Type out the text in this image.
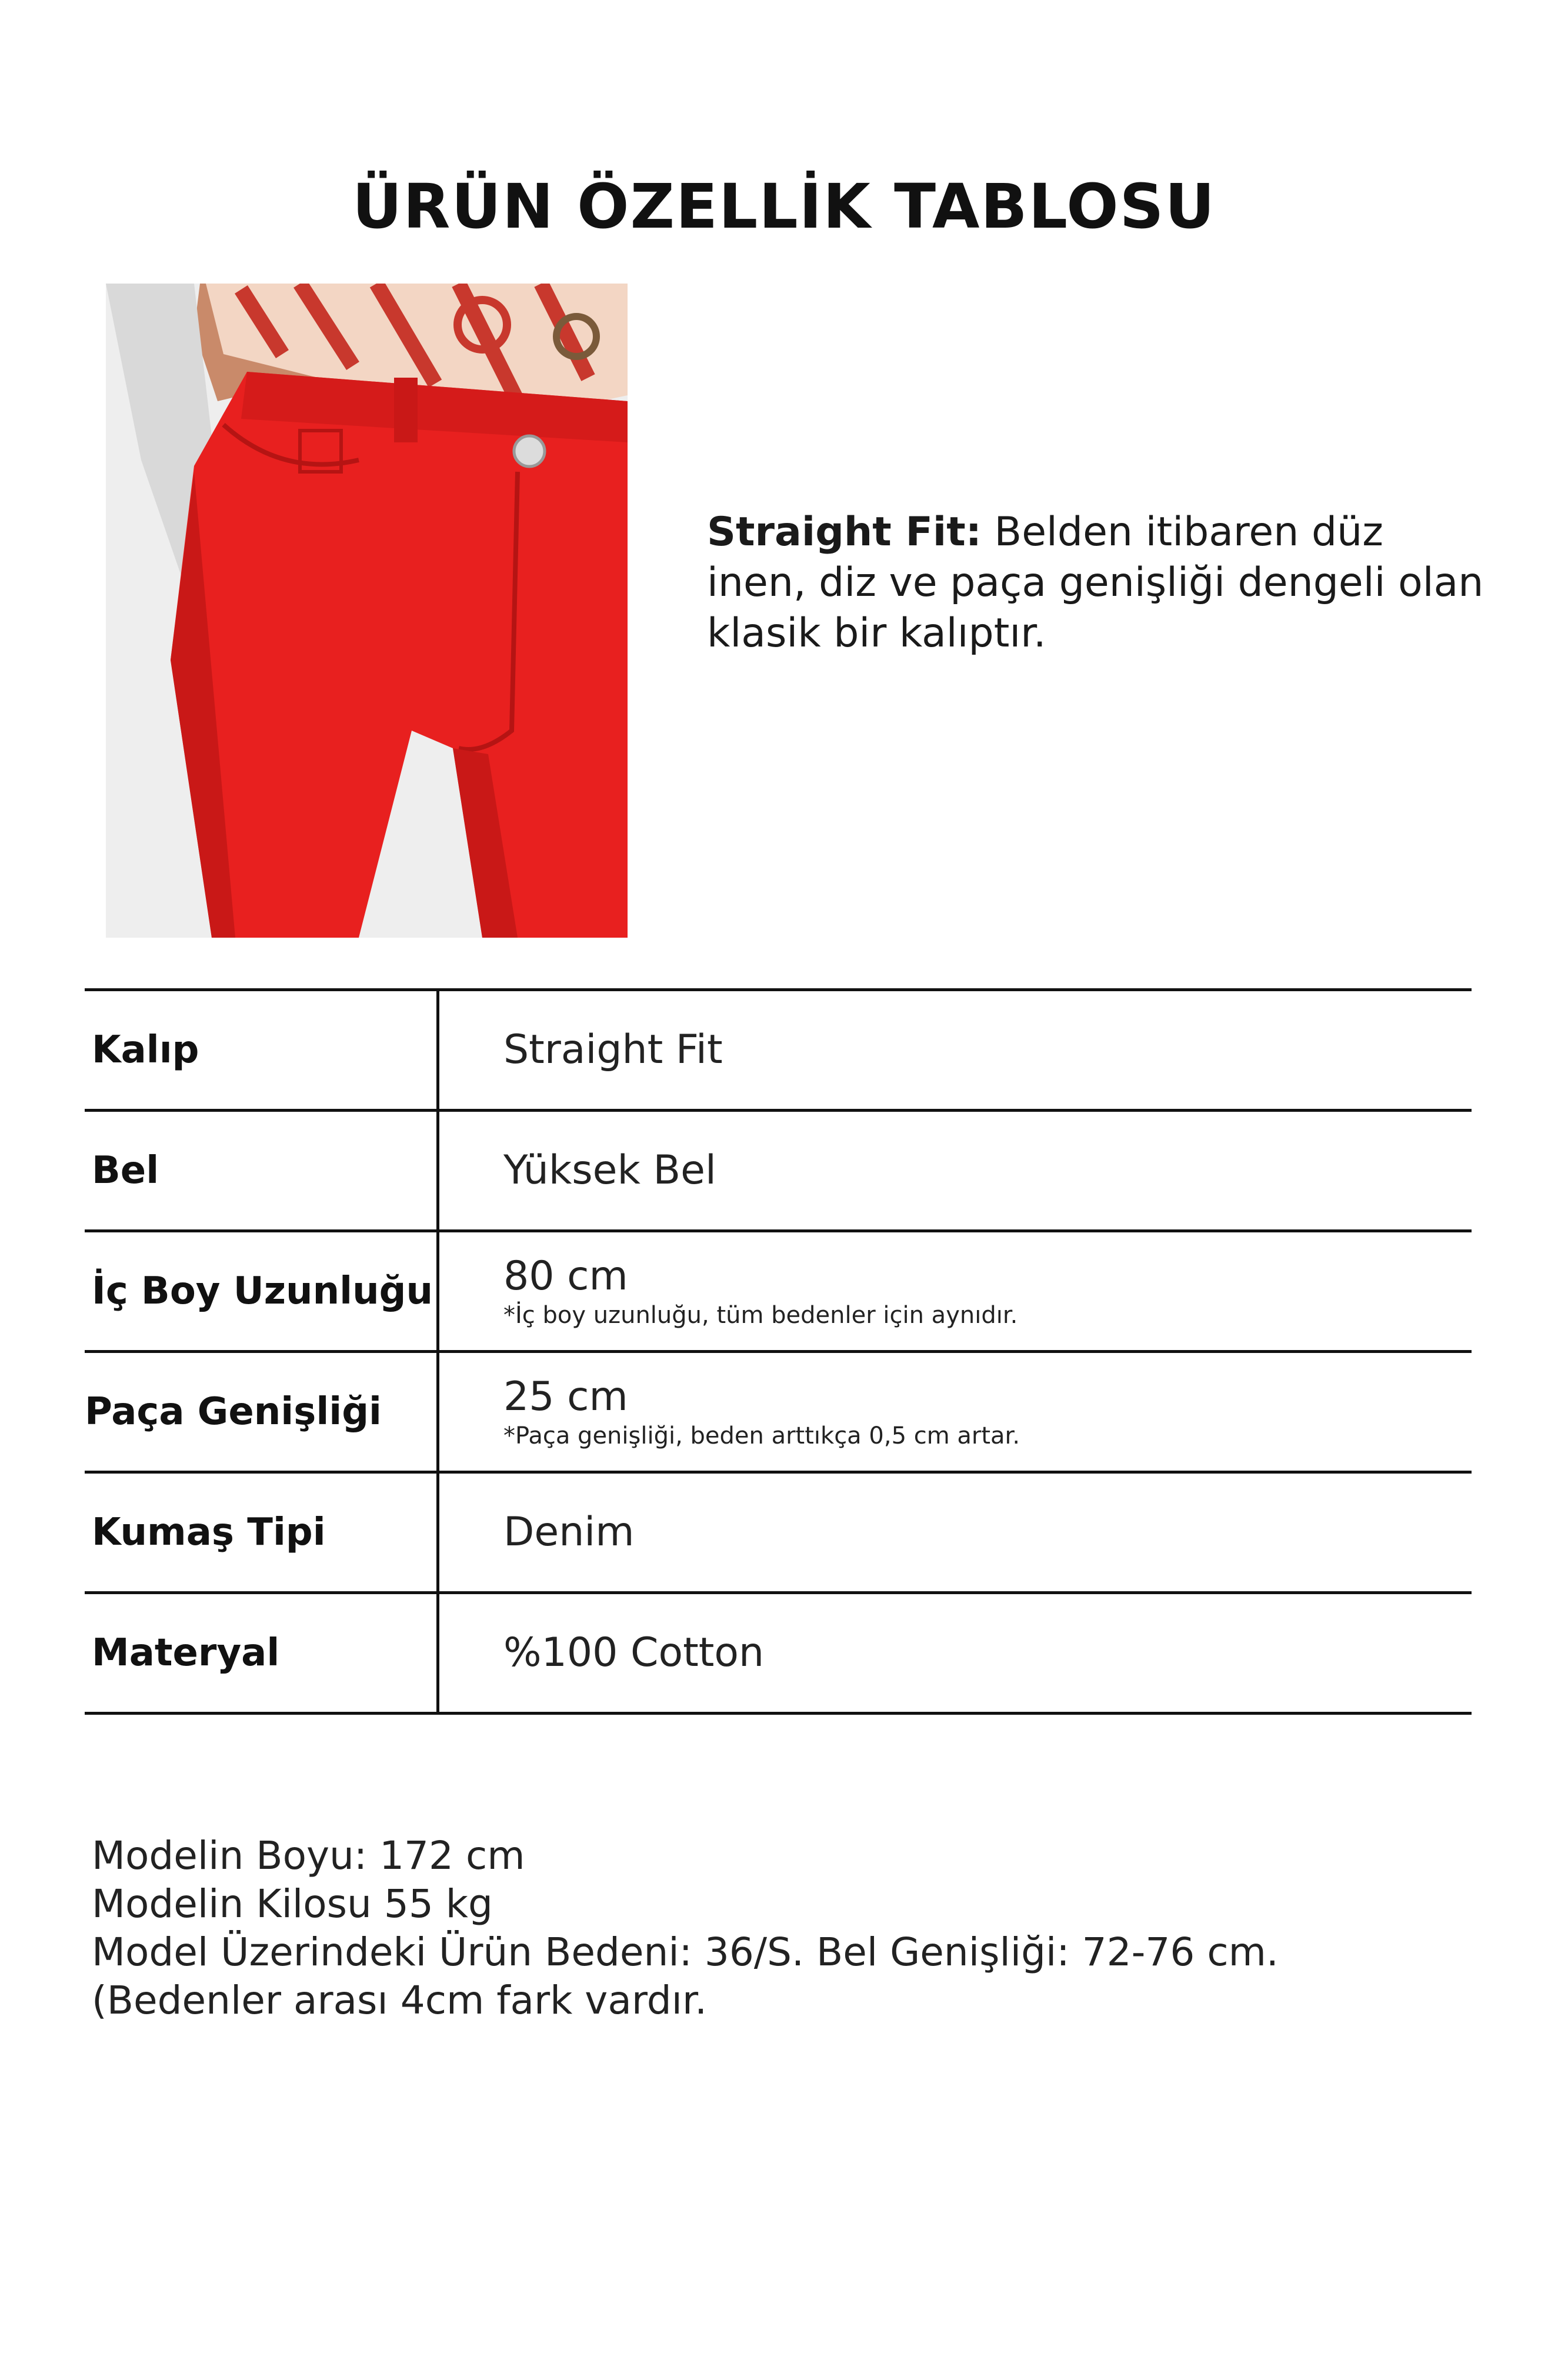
ÜRÜN ÖZELLİK TABLOSU
Straight Fit: Belden itibaren düz inen, diz ve paça genişliği dengeli olan klasik bir kalıptır.
Kalıp	Straight Fit
Bel	Yüksek Bel
İç Boy Uzunluğu 80 cm
*İç boy uzunluğu, tüm bedenler için aynıdır.
Paça Genişliği	25 cm
*Paça genişliği, beden arttıkça 0,5 cm artar.
Kumaş Tipi	Denim
Materyal	%100 Cotton
Modelin Boyu: 172 cm
Modelin Kilosu 55 kg
Model Üzerindeki Ürün Bedeni: 36/S. Bel Genişliği: 72-76 cm. (Bedenler arası 4cm fark vardır.
